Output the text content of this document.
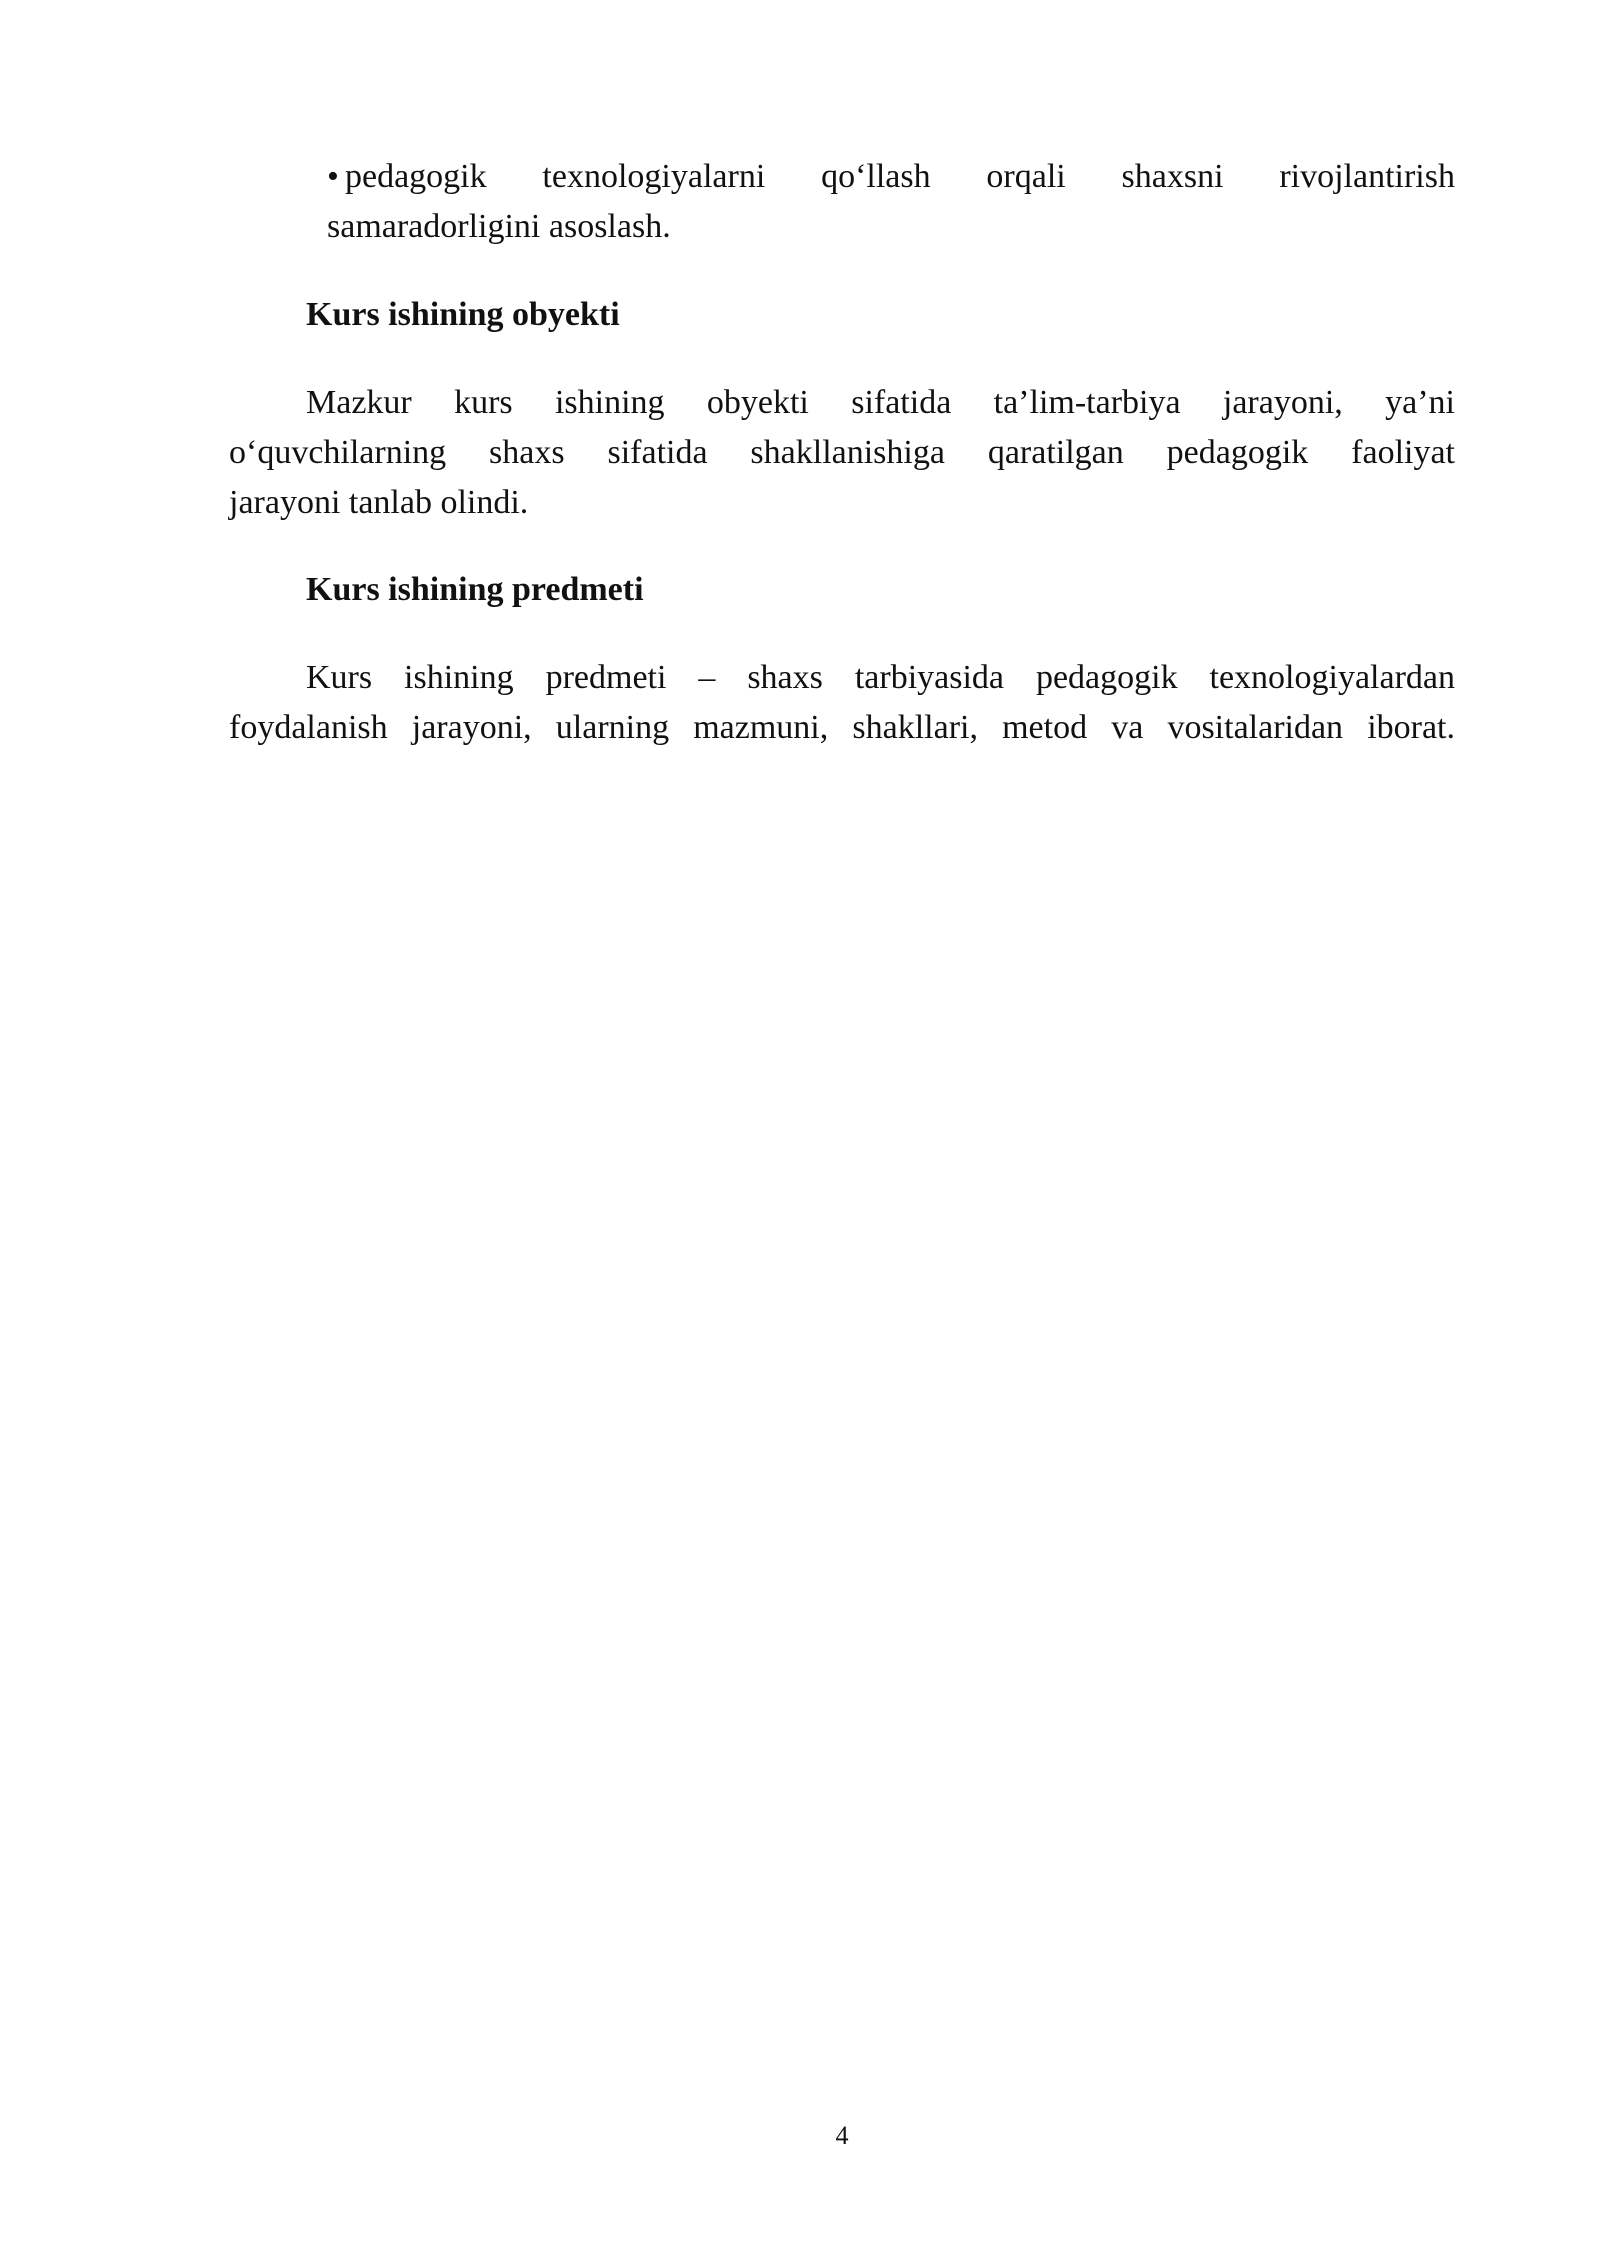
• pedagogik texnologiyalarni qo‘llash orqali shaxsni rivojlantirish

samaradorligini asoslash.

Kurs ishining obyekti

Mazkur kurs ishining obyekti sifatida ta’lim-tarbiya jarayoni, ya’ni

o‘quvchilarning shaxs sifatida shakllanishiga qaratilgan pedagogik faoliyat

jarayoni tanlab olindi.

Kurs ishining predmeti

Kurs ishining predmeti – shaxs tarbiyasida pedagogik texnologiyalardan

foydalanish jarayoni, ularning mazmuni, shakllari, metod va vositalaridan iborat.

4
